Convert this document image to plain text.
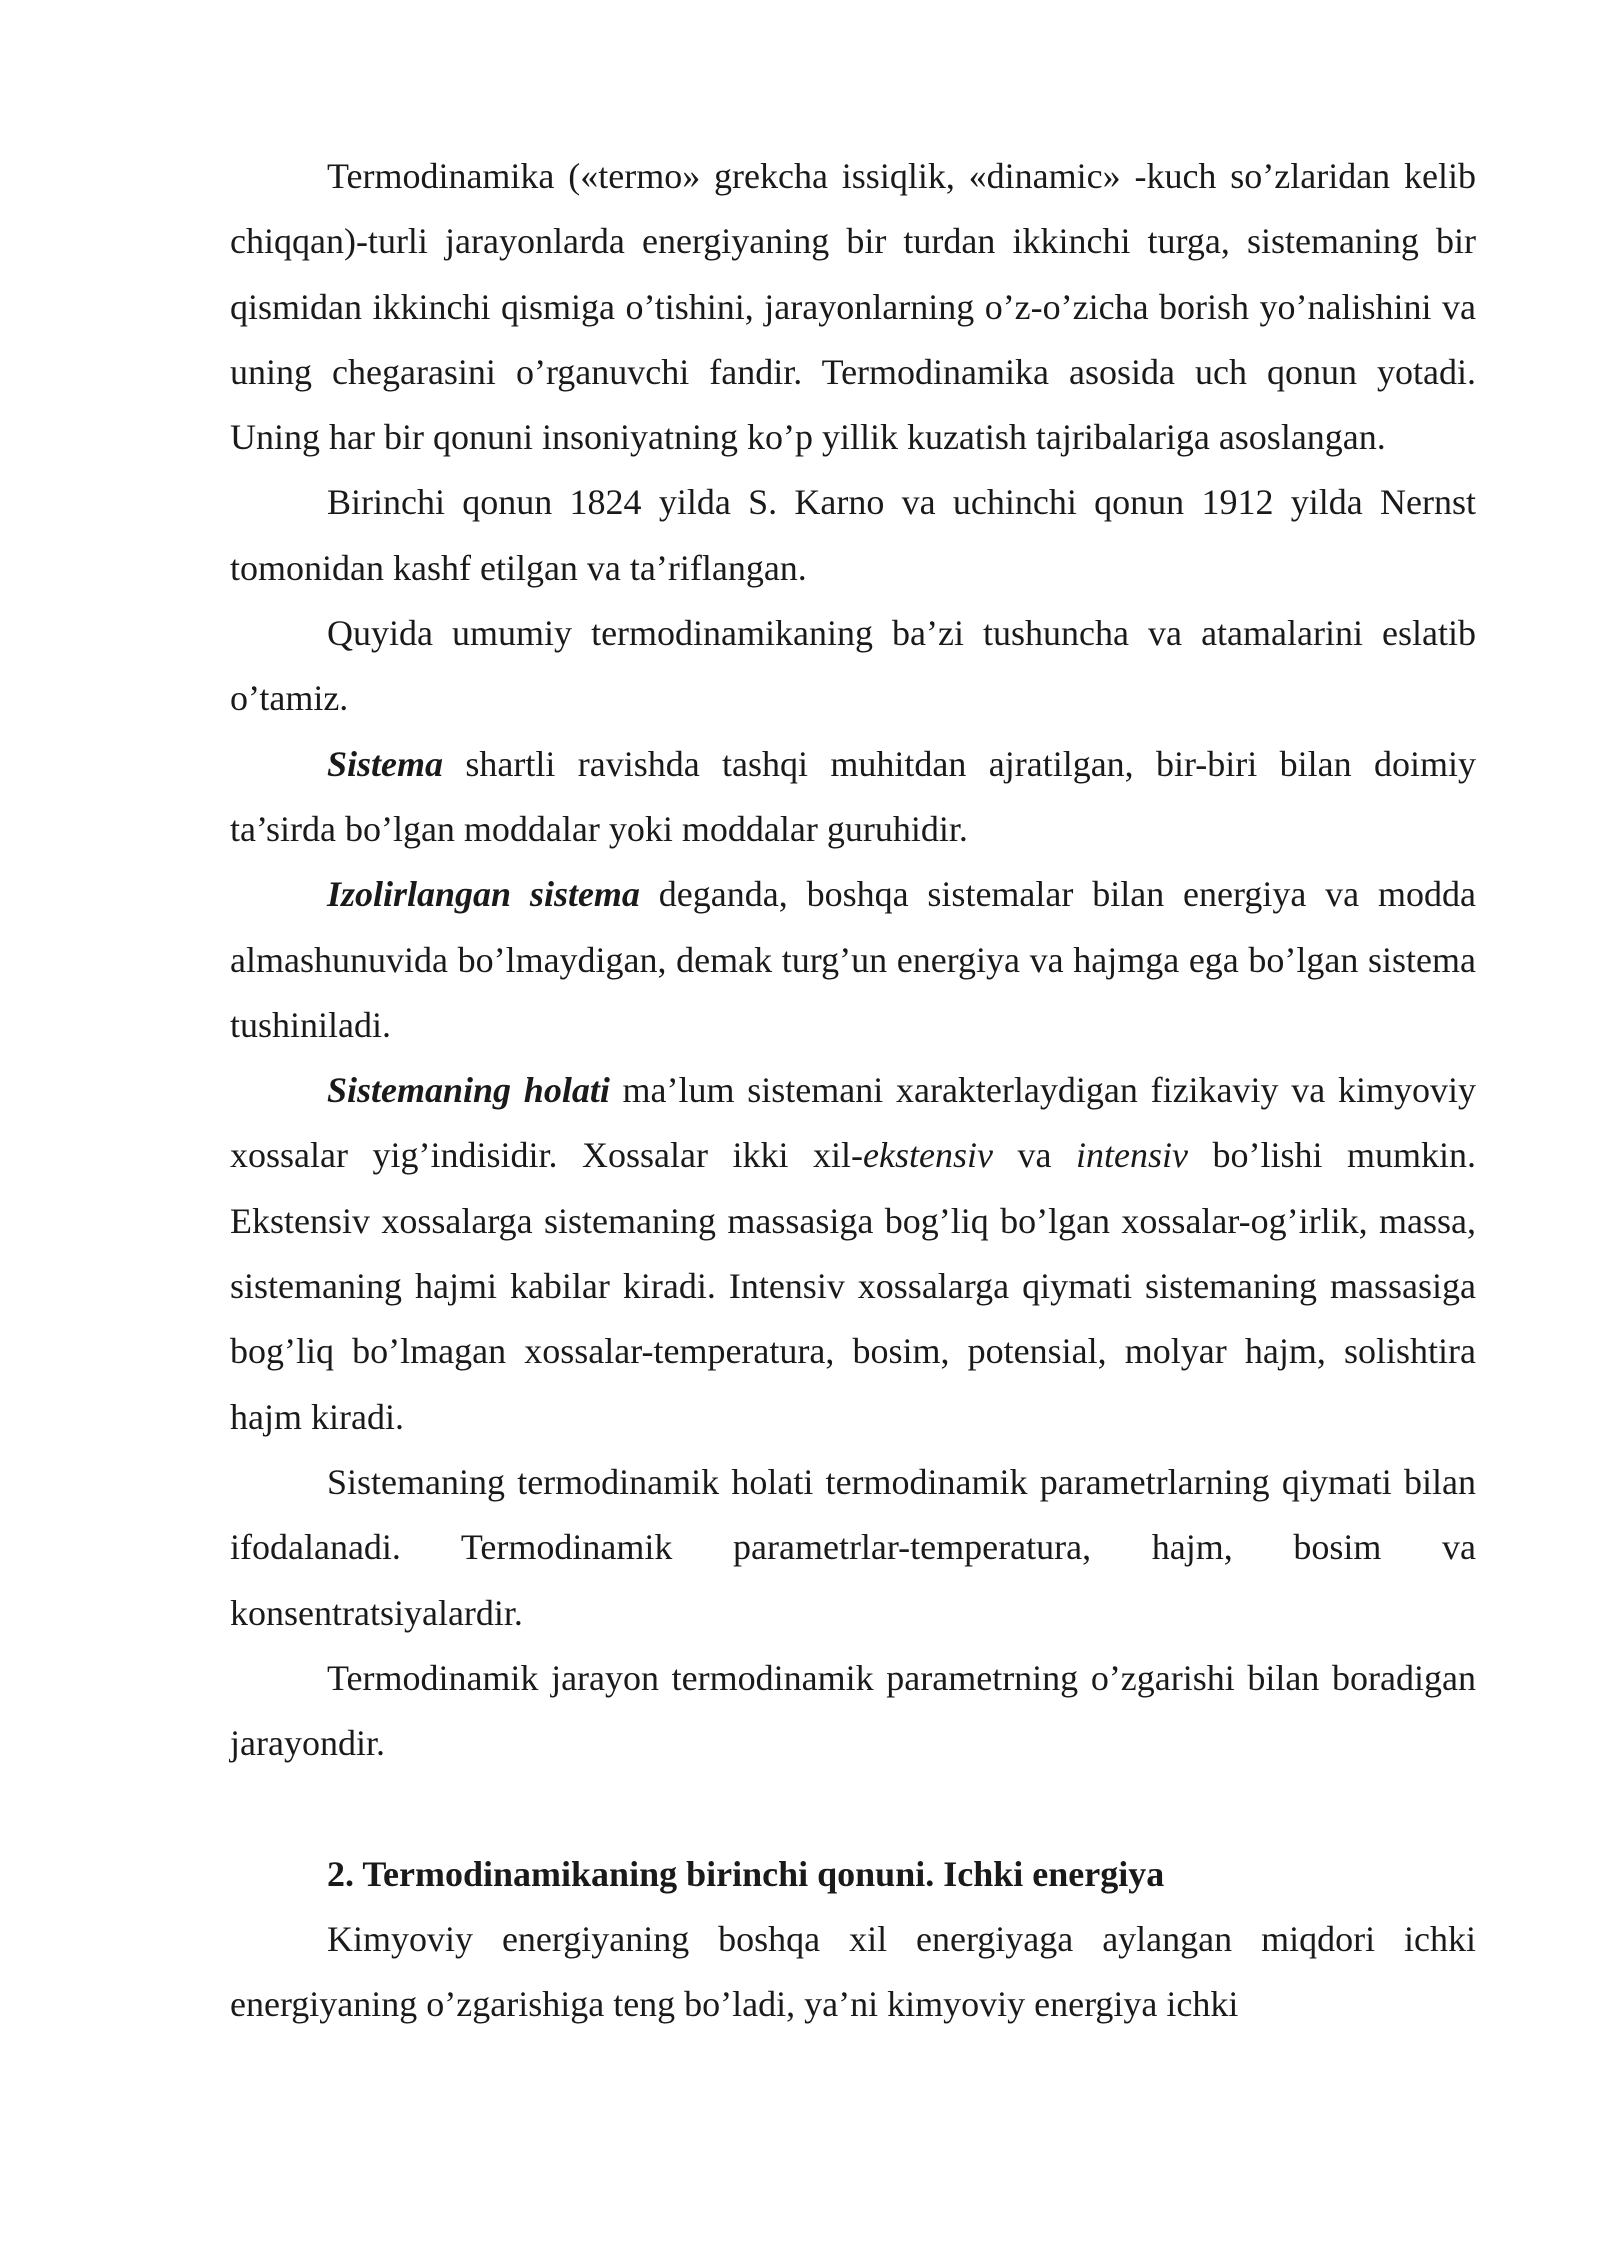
Termodinamika («termo» grekcha issiqlik, «dinamic» -kuch so’zlaridan kelib chiqqan)-turli jarayonlarda energiyaning bir turdan ikkinchi turga, sistemaning bir qismidan ikkinchi qismiga o’tishini, jarayonlarning o’z-o’zicha borish yo’nalishini va uning chegarasini o’rganuvchi fandir. Termodinamika asosida uch qonun yotadi. Uning har bir qonuni insoniyatning ko’p yillik kuzatish tajribalariga asoslangan.

Birinchi qonun 1824 yilda S. Karno va uchinchi qonun 1912 yilda Nernst tomonidan kashf etilgan va ta’riflangan.

Quyida umumiy termodinamikaning ba’zi tushuncha va atamalarini eslatib o’tamiz.

Sistema shartli ravishda tashqi muhitdan ajratilgan, bir-biri bilan doimiy ta’sirda bo’lgan moddalar yoki moddalar guruhidir.

Izolirlangan sistema deganda, boshqa sistemalar bilan energiya va modda almashunuvida bo’lmaydigan, demak turg’un energiya va hajmga ega bo’lgan sistema tushiniladi.

Sistemaning holati ma’lum sistemani xarakterlaydigan fizikaviy va kimyoviy xossalar yig’indisidir. Xossalar ikki xil-ekstensiv va intensiv bo’lishi mumkin. Ekstensiv xossalarga sistemaning massasiga bog’liq bo’lgan xossalar-og’irlik, massa, sistemaning hajmi kabilar kiradi. Intensiv xossalarga qiymati sistemaning massasiga bog’liq bo’lmagan xossalar-temperatura, bosim, potensial, molyar hajm, solishtira hajm kiradi.

Sistemaning termodinamik holati termodinamik parametrlarning qiymati bilan ifodalanadi. Termodinamik parametrlar-temperatura, hajm, bosim va konsentratsiyalardir.

Termodinamik jarayon termodinamik parametrning o’zgarishi bilan boradigan jarayondir.

2. Termodinamikaning birinchi qonuni. Ichki energiya

Kimyoviy energiyaning boshqa xil energiyaga aylangan miqdori ichki energiyaning o’zgarishiga teng bo’ladi, ya’ni kimyoviy energiya ichki
